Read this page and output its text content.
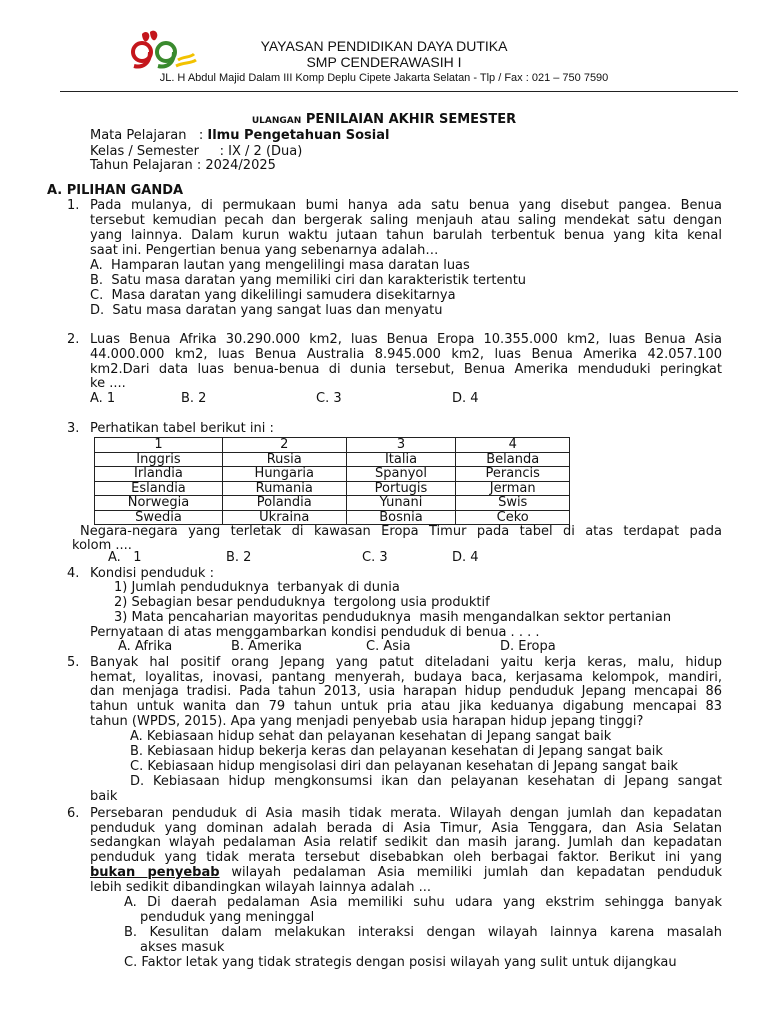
YAYASAN PENDIDIKAN DAYA DUTIKA
SMP CENDERAWASIH I
JL. H Abdul Majid Dalam III Komp Deplu Cipete Jakarta Selatan - Tlp / Fax : 021 – 750 7590
ULANGAN PENILAIAN AKHIR SEMESTER
Mata Pelajaran   : Ilmu Pengetahuan Sosial
Kelas / Semester     : IX / 2 (Dua)
Tahun Pelajaran : 2024/2025
A. PILIHAN GANDA
1. Pada mulanya, di permukaan bumi hanya ada satu benua yang disebut pangea. Benua
tersebut kemudian pecah dan bergerak saling menjauh atau saling mendekat satu dengan
yang lainnya. Dalam kurun waktu jutaan tahun barulah terbentuk benua yang kita kenal
saat ini. Pengertian benua yang sebenarnya adalah…
A.  Hamparan lautan yang mengelilingi masa daratan luas
B.  Satu masa daratan yang memiliki ciri dan karakteristik tertentu
C.  Masa daratan yang dikelilingi samudera disekitarnya
D.  Satu masa daratan yang sangat luas dan menyatu
2. Luas Benua Afrika 30.290.000 km2, luas Benua Eropa 10.355.000 km2, luas Benua Asia
44.000.000 km2, luas Benua Australia 8.945.000 km2, luas Benua Amerika 42.057.100
km2.Dari data luas benua-benua di dunia tersebut, Benua Amerika menduduki peringkat
ke ....
A. 1	B. 2	C. 3	D. 4
3. Perhatikan tabel berikut ini :
1	2	3	4
Inggris	Rusia	Italia	Belanda
Irlandia	Hungaria	Spanyol	Perancis
Eslandia	Rumania	Portugis	Jerman
Norwegia	Polandia	Yunani	Swis
Swedia	Ukraina	Bosnia	Ceko
Negara-negara yang terletak di kawasan Eropa Timur pada tabel di atas terdapat pada
kolom ....
A.   1	B. 2	C. 3	D. 4
4. Kondisi penduduk :
1) Jumlah penduduknya  terbanyak di dunia
2) Sebagian besar penduduknya  tergolong usia produktif
3) Mata pencaharian mayoritas penduduknya  masih mengandalkan sektor pertanian
Pernyataan di atas menggambarkan kondisi penduduk di benua . . . .
A. Afrika	B. Amerika	C. Asia	D. Eropa
5. Banyak hal positif orang Jepang yang patut diteladani yaitu kerja keras, malu, hidup
hemat, loyalitas, inovasi, pantang menyerah, budaya baca, kerjasama kelompok, mandiri,
dan menjaga tradisi. Pada tahun 2013, usia harapan hidup penduduk Jepang mencapai 86
tahun untuk wanita dan 79 tahun untuk pria atau jika keduanya digabung mencapai 83
tahun (WPDS, 2015). Apa yang menjadi penyebab usia harapan hidup jepang tinggi?
A. Kebiasaan hidup sehat dan pelayanan kesehatan di Jepang sangat baik
B. Kebiasaan hidup bekerja keras dan pelayanan kesehatan di Jepang sangat baik
C. Kebiasaan hidup mengisolasi diri dan pelayanan kesehatan di Jepang sangat baik
D. Kebiasaan hidup mengkonsumsi ikan dan pelayanan kesehatan di Jepang sangat
baik
6. Persebaran penduduk di Asia masih tidak merata. Wilayah dengan jumlah dan kepadatan
penduduk yang dominan adalah berada di Asia Timur, Asia Tenggara, dan Asia Selatan
sedangkan wlayah pedalaman Asia relatif sedikit dan masih jarang. Jumlah dan kepadatan
penduduk yang tidak merata tersebut disebabkan oleh berbagai faktor. Berikut ini yang
bukan penyebab wilayah pedalaman Asia memiliki jumlah dan kepadatan penduduk
lebih sedikit dibandingkan wilayah lainnya adalah ...
A. Di daerah pedalaman Asia memiliki suhu udara yang ekstrim sehingga banyak
penduduk yang meninggal
B. Kesulitan dalam melakukan interaksi dengan wilayah lainnya karena masalah
akses masuk
C. Faktor letak yang tidak strategis dengan posisi wilayah yang sulit untuk dijangkau
